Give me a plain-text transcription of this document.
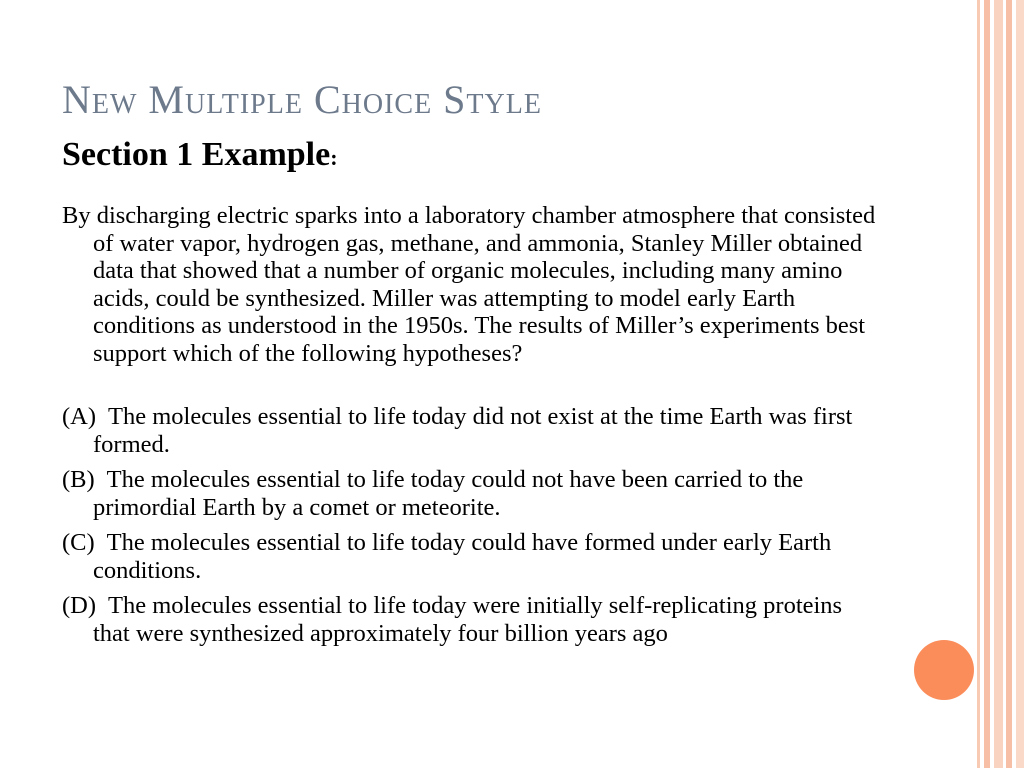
New Multiple Choice Style
Section 1 Example:

By discharging electric sparks into a laboratory chamber atmosphere that consisted of water vapor, hydrogen gas, methane, and ammonia, Stanley Miller obtained data that showed that a number of organic molecules, including many amino acids, could be synthesized. Miller was attempting to model early Earth conditions as understood in the 1950s. The results of Miller’s experiments best support which of the following hypotheses?

(A) The molecules essential to life today did not exist at the time Earth was first formed.

(B) The molecules essential to life today could not have been carried to the primordial Earth by a comet or meteorite.

(C) The molecules essential to life today could have formed under early Earth conditions.

(D) The molecules essential to life today were initially self-replicating proteins that were synthesized approximately four billion years ago
